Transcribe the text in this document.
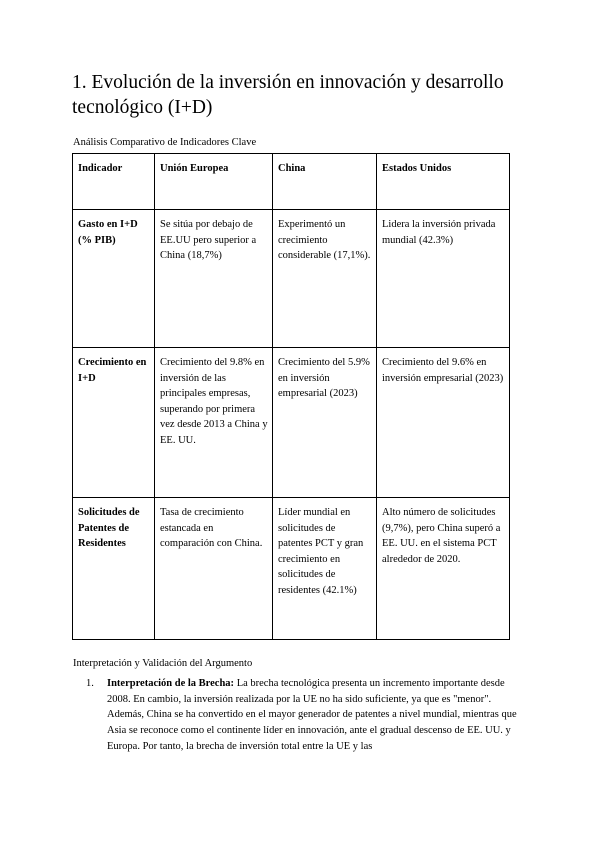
1. Evolución de la inversión en innovación y desarrollo tecnológico (I+D)
Análisis Comparativo de Indicadores Clave
Indicador	Unión Europea	China	Estados Unidos
Gasto en I+D (% PIB)	Se sitúa por debajo de EE.UU pero superior a China (18,7%)	Experimentó un crecimiento considerable (17,1%).	Lidera la inversión privada mundial (42.3%)
Crecimiento en I+D	Crecimiento del 9.8% en inversión de las principales empresas, superando por primera vez desde 2013 a China y EE. UU.	Crecimiento del 5.9% en inversión empresarial (2023)	Crecimiento del 9.6% en inversión empresarial (2023)
Solicitudes de Patentes de Residentes	Tasa de crecimiento estancada en comparación con China.	Líder mundial en solicitudes de patentes PCT y gran crecimiento en solicitudes de residentes (42.1%)	Alto número de solicitudes (9,7%), pero China superó a EE. UU. en el sistema PCT alrededor de 2020.
Interpretación y Validación del Argumento
1. Interpretación de la Brecha: La brecha tecnológica presenta un incremento importante desde 2008. En cambio, la inversión realizada por la UE no ha sido suficiente, ya que es "menor". Además, China se ha convertido en el mayor generador de patentes a nivel mundial, mientras que Asia se reconoce como el continente líder en innovación, ante el gradual descenso de EE. UU. y Europa. Por tanto, la brecha de inversión total entre la UE y las
